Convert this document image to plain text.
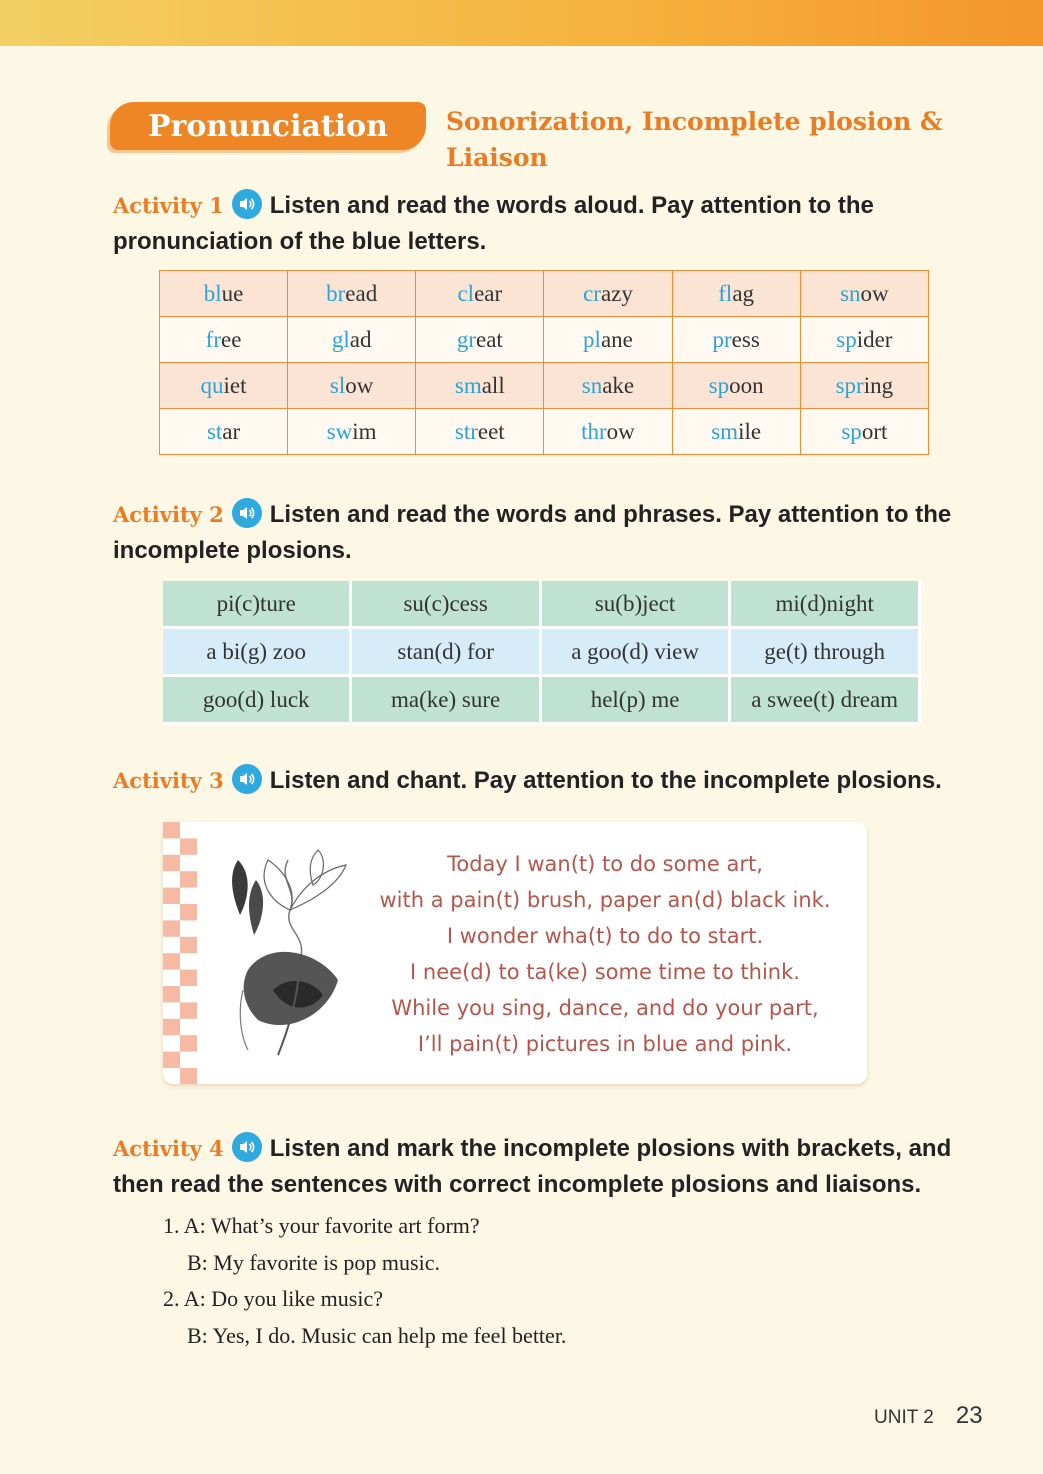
Pronunciation	Sonorization, Incomplete plosion & Liaison
Activity 1 Listen and read the words aloud. Pay attention to the pronunciation of the blue letters.
blue	bread	clear	crazy	flag	snow
free	glad	great	plane	press	spider
quiet	slow	small	snake	spoon	spring
star	swim	street	throw	smile	sport
Activity 2 Listen and read the words and phrases. Pay attention to the incomplete plosions.
pi(c)ture	su(c)cess	su(b)ject	mi(d)night
a bi(g) zoo	stan(d) for	a goo(d) view	ge(t) through
goo(d) luck	ma(ke) sure	hel(p) me	a swee(t) dream
Activity 3 Listen and chant. Pay attention to the incomplete plosions.
Today I wan(t) to do some art,
with a pain(t) brush, paper an(d) black ink.
I wonder wha(t) to do to start.
I nee(d) to ta(ke) some time to think.
While you sing, dance, and do your part,
I’ll pain(t) pictures in blue and pink.
Activity 4 Listen and mark the incomplete plosions with brackets, and then read the sentences with correct incomplete plosions and liaisons.
1. A: What’s your favorite art form?
B: My favorite is pop music.
2. A: Do you like music?
B: Yes, I do. Music can help me feel better.
UNIT 2 23
